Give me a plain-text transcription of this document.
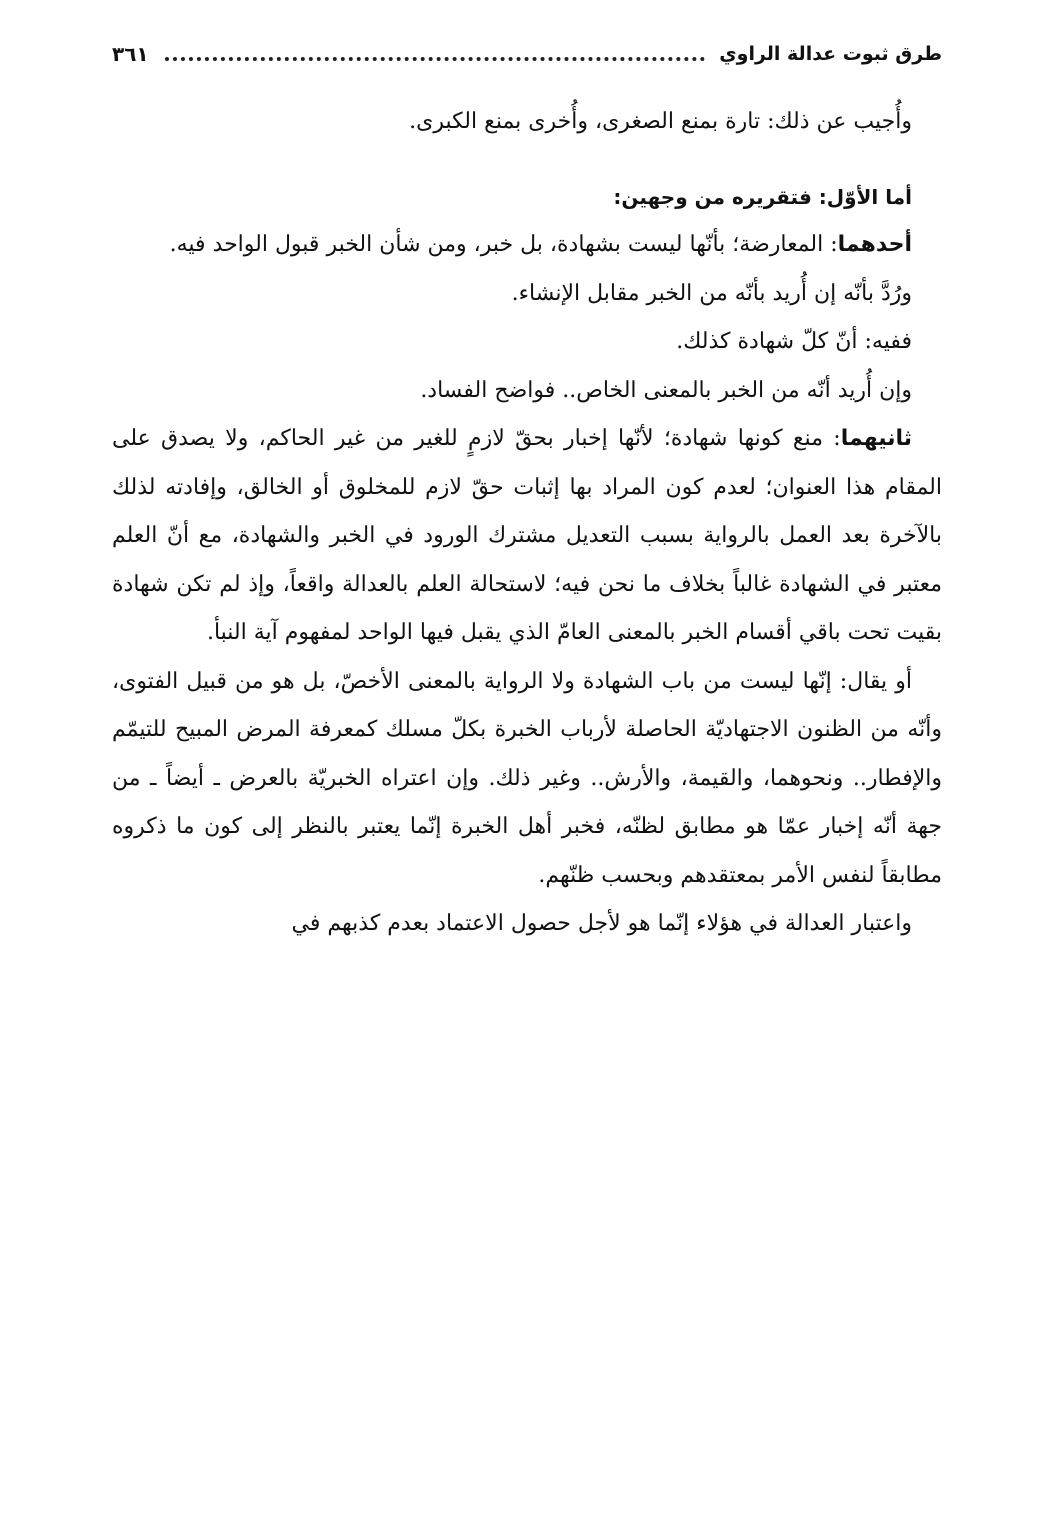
طرق ثبوت عدالة الراوي
٣٦١

وأُجيب عن ذلك: تارة بمنع الصغرى، وأُخرى بمنع الكبرى.

أما الأوّل: فتقريره من وجهين:

أحدهما: المعارضة؛ بأنّها ليست بشهادة، بل خبر، ومن شأن الخبر قبول الواحد فيه.

ورُدَّ بأنّه إن أُريد بأنّه من الخبر مقابل الإنشاء.

ففيه: أنّ كلّ شهادة كذلك.

وإن أُريد أنّه من الخبر بالمعنى الخاص.. فواضح الفساد.

ثانيهما: منع كونها شهادة؛ لأنّها إخبار بحقّ لازمٍ للغير من غير الحاكم، ولا يصدق على المقام هذا العنوان؛ لعدم كون المراد بها إثبات حقّ لازم للمخلوق أو الخالق، وإفادته لذلك بالآخرة بعد العمل بالرواية بسبب التعديل مشترك الورود في الخبر والشهادة، مع أنّ العلم معتبر في الشهادة غالباً بخلاف ما نحن فيه؛ لاستحالة العلم بالعدالة واقعاً، وإذ لم تكن شهادة بقيت تحت باقي أقسام الخبر بالمعنى العامّ الذي يقبل فيها الواحد لمفهوم آية النبأ.

أو يقال: إنّها ليست من باب الشهادة ولا الرواية بالمعنى الأخصّ، بل هو من قبيل الفتوى، وأنّه من الظنون الاجتهاديّة الحاصلة لأرباب الخبرة بكلّ مسلك كمعرفة المرض المبيح للتيمّم والإفطار.. ونحوهما، والقيمة، والأرش.. وغير ذلك. وإن اعتراه الخبريّة بالعرض ـ أيضاً ـ من جهة أنّه إخبار عمّا هو مطابق لظنّه، فخبر أهل الخبرة إنّما يعتبر بالنظر إلى كون ما ذكروه مطابقاً لنفس الأمر بمعتقدهم وبحسب ظنّهم.

واعتبار العدالة في هؤلاء إنّما هو لأجل حصول الاعتماد بعدم كذبهم في
